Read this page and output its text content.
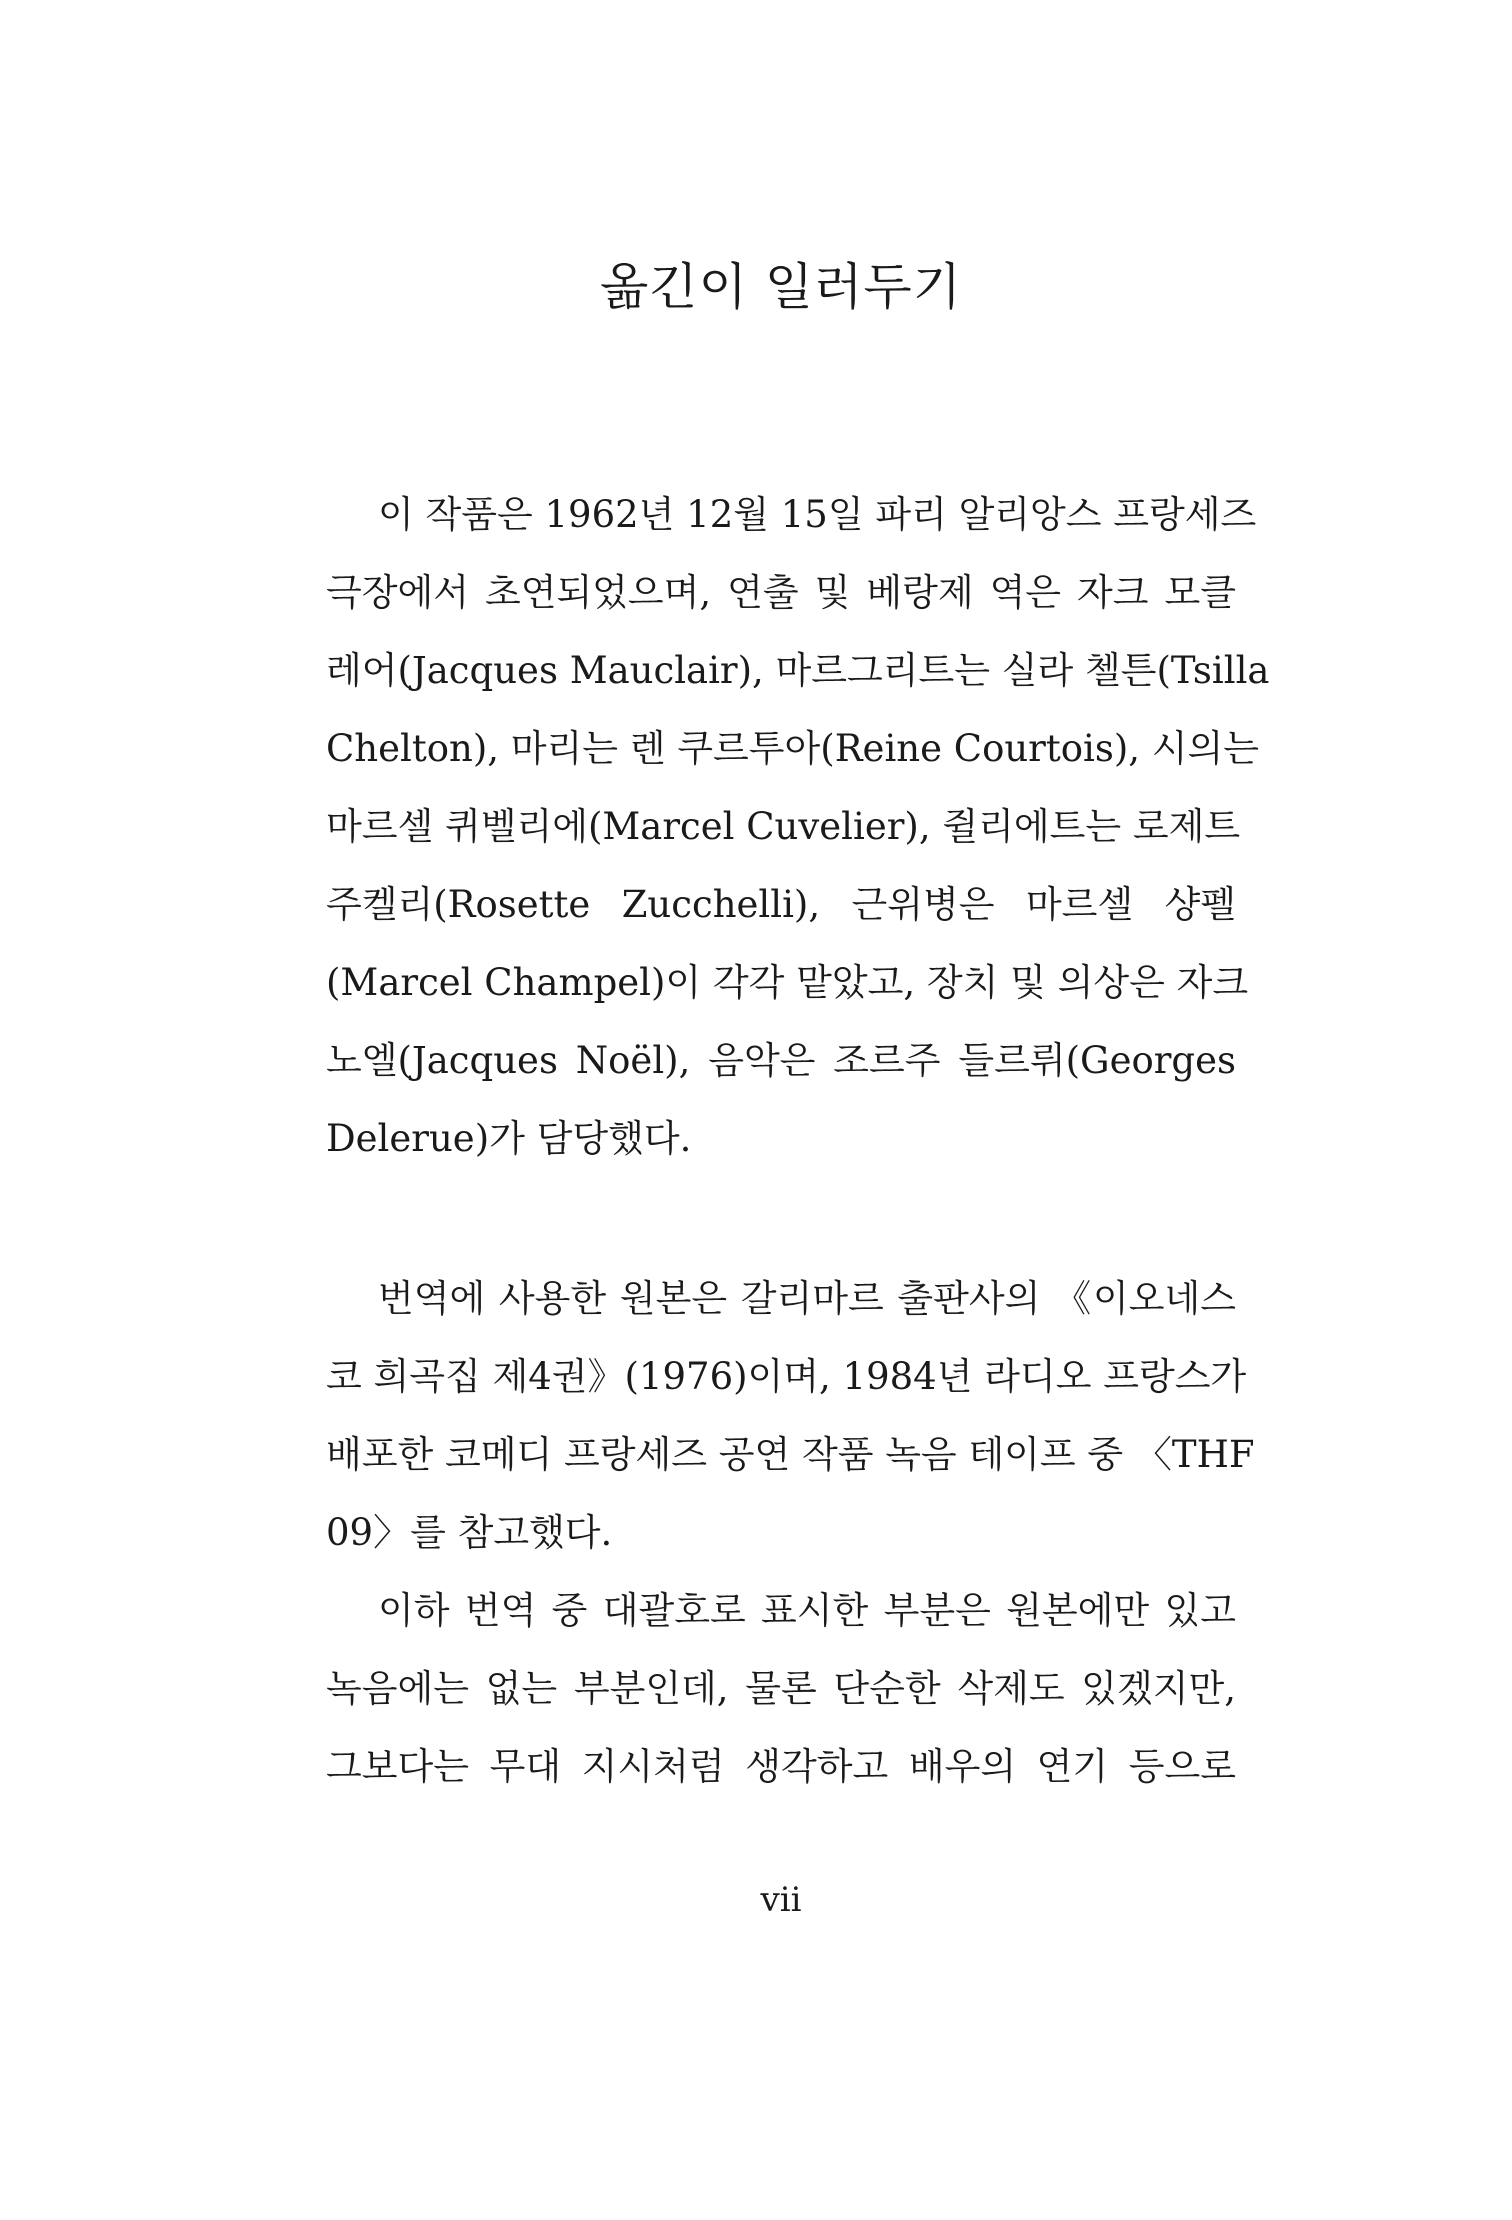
옮긴이 일러두기
이 작품은 1962년 12월 15일 파리 알리앙스 프랑세즈
극장에서 초연되었으며, 연출 및 베랑제 역은 자크 모클
레어(Jacques Mauclair), 마르그리트는 실라 첼튼(Tsilla
Chelton), 마리는 렌 쿠르투아(Reine Courtois), 시의는
마르셀 퀴벨리에(Marcel Cuvelier), 쥘리에트는 로제트
주켈리(Rosette Zucchelli), 근위병은 마르셀 샹펠
(Marcel Champel)이 각각 맡았고, 장치 및 의상은 자크
노엘(Jacques Noël), 음악은 조르주 들르뤼(Georges
Delerue)가 담당했다.
번역에 사용한 원본은 갈리마르 출판사의 《이오네스
코 희곡집 제4권》(1976)이며, 1984년 라디오 프랑스가
배포한 코메디 프랑세즈 공연 작품 녹음 테이프 중 〈THF
09〉를 참고했다.
이하 번역 중 대괄호로 표시한 부분은 원본에만 있고
녹음에는 없는 부분인데, 물론 단순한 삭제도 있겠지만,
그보다는 무대 지시처럼 생각하고 배우의 연기 등으로
vii
